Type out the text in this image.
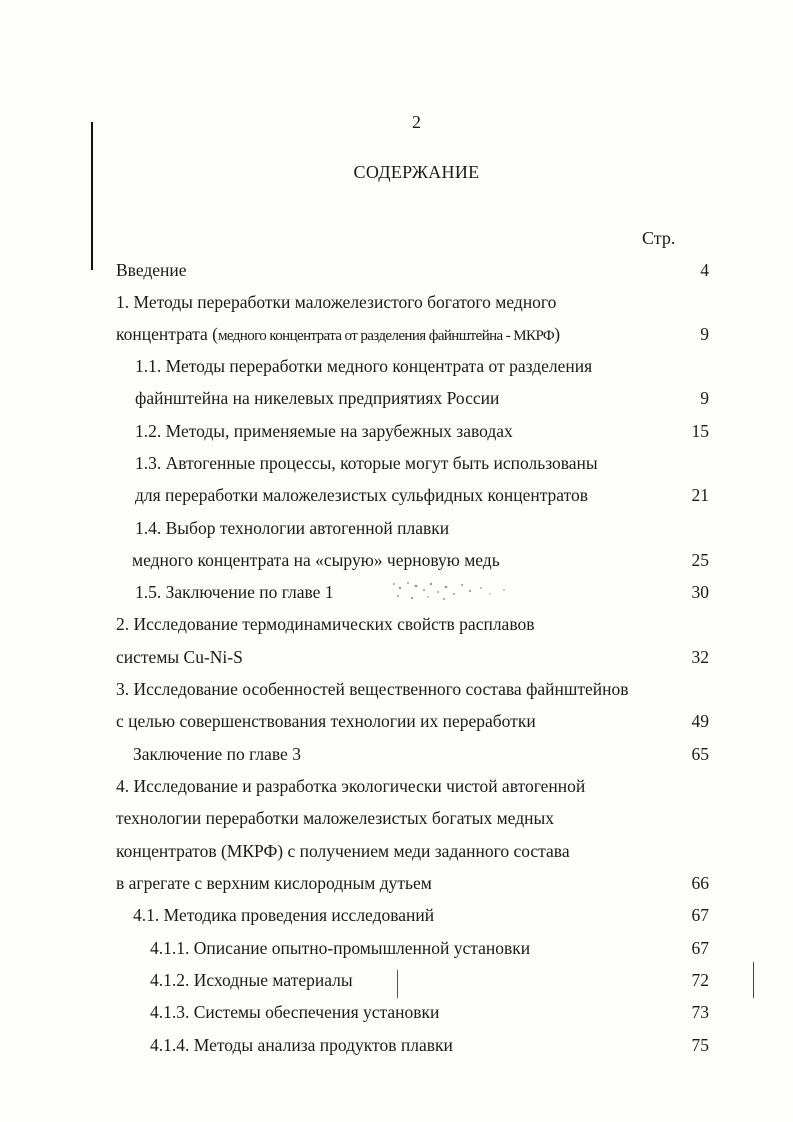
2
СОДЕРЖАНИЕ
Стр.
Введение	4
1. Методы переработки маложелезистого богатого медного
концентрата (медного концентрата от разделения файнштейна - МКРФ)	9
1.1. Методы переработки медного концентрата от разделения
файнштейна на никелевых предприятиях России	9
1.2. Методы, применяемые на зарубежных заводах	15
1.3. Автогенные процессы, которые могут быть использованы
для переработки маложелезистых сульфидных концентратов	21
1.4. Выбор технологии автогенной плавки
медного концентрата на «сырую» черновую медь	25
1.5. Заключение по главе 1	30
2. Исследование термодинамических свойств расплавов
системы Cu-Ni-S	32
3. Исследование особенностей вещественного состава файнштейнов
с целью совершенствования технологии их переработки	49
Заключение по главе 3	65
4. Исследование и разработка экологически чистой автогенной
технологии переработки маложелезистых богатых медных
концентратов (МКРФ) с получением меди заданного состава
в агрегате с верхним кислородным дутьем	66
4.1. Методика проведения исследований	67
4.1.1. Описание опытно-промышленной установки	67
4.1.2. Исходные материалы	72
4.1.3. Системы обеспечения установки	73
4.1.4. Методы анализа продуктов плавки	75
